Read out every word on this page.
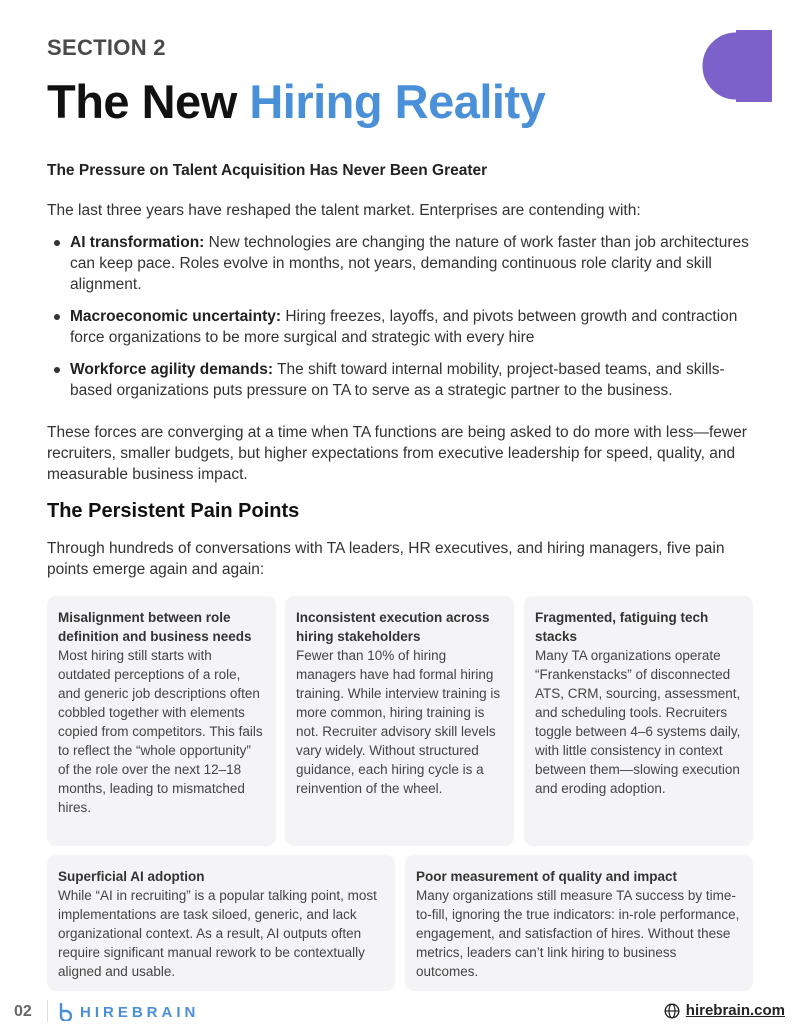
SECTION 2
The New Hiring Reality
The Pressure on Talent Acquisition Has Never Been Greater

The last three years have reshaped the talent market. Enterprises are contending with:

AI transformation: New technologies are changing the nature of work faster than job architectures can keep pace. Roles evolve in months, not years, demanding continuous role clarity and skill alignment.
Macroeconomic uncertainty: Hiring freezes, layoffs, and pivots between growth and contraction force organizations to be more surgical and strategic with every hire
Workforce agility demands: The shift toward internal mobility, project-based teams, and skills-based organizations puts pressure on TA to serve as a strategic partner to the business.

These forces are converging at a time when TA functions are being asked to do more with less—fewer recruiters, smaller budgets, but higher expectations from executive leadership for speed, quality, and measurable business impact.

The Persistent Pain Points

Through hundreds of conversations with TA leaders, HR executives, and hiring managers, five pain points emerge again and again:

Misalignment between role definition and business needs
Most hiring still starts with outdated perceptions of a role, and generic job descriptions often cobbled together with elements copied from competitors. This fails to reflect the “whole opportunity” of the role over the next 12–18 months, leading to mismatched hires.
Inconsistent execution across hiring stakeholders
Fewer than 10% of hiring managers have had formal hiring training. While interview training is more common, hiring training is not. Recruiter advisory skill levels vary widely. Without structured guidance, each hiring cycle is a reinvention of the wheel.
Fragmented, fatiguing tech stacks
Many TA organizations operate “Frankenstacks” of disconnected ATS, CRM, sourcing, assessment, and scheduling tools. Recruiters toggle between 4–6 systems daily, with little consistency in context between them—slowing execution and eroding adoption.
Superficial AI adoption
While “AI in recruiting” is a popular talking point, most implementations are task siloed, generic, and lack organizational context. As a result, AI outputs often require significant manual rework to be contextually aligned and usable.
Poor measurement of quality and impact
Many organizations still measure TA success by time-to-fill, ignoring the true indicators: in-role performance, engagement, and satisfaction of hires. Without these metrics, leaders can’t link hiring to business outcomes.
02	HIREBRAIN	hirebrain.com
